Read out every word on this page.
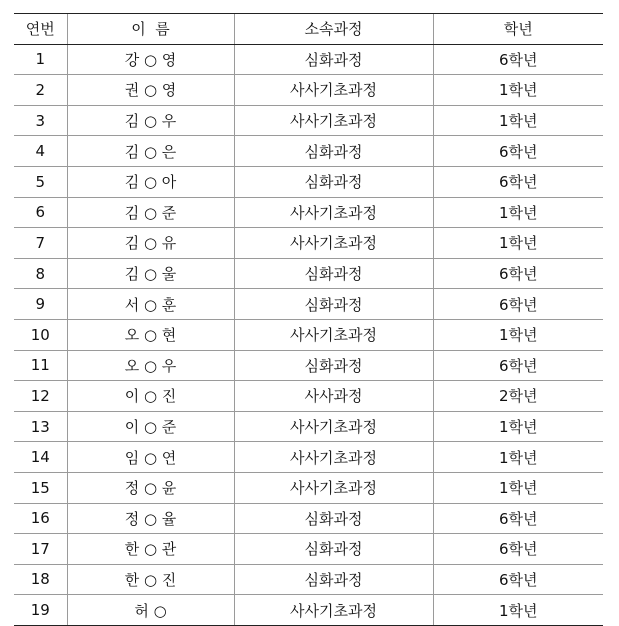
연번	이  름	소속과정	학년
1	강 ○ 영	심화과정	6학년
2	권 ○ 영	사사기초과정	1학년
3	김 ○ 우	사사기초과정	1학년
4	김 ○ 은	심화과정	6학년
5	김 ○ 아	심화과정	6학년
6	김 ○ 준	사사기초과정	1학년
7	김 ○ 유	사사기초과정	1학년
8	김 ○ 울	심화과정	6학년
9	서 ○ 훈	심화과정	6학년
10	오 ○ 현	사사기초과정	1학년
11	오 ○ 우	심화과정	6학년
12	이 ○ 진	사사과정	2학년
13	이 ○ 준	사사기초과정	1학년
14	임 ○ 연	사사기초과정	1학년
15	정 ○ 윤	사사기초과정	1학년
16	정 ○ 율	심화과정	6학년
17	한 ○ 관	심화과정	6학년
18	한 ○ 진	심화과정	6학년
19	허 ○	사사기초과정	1학년
